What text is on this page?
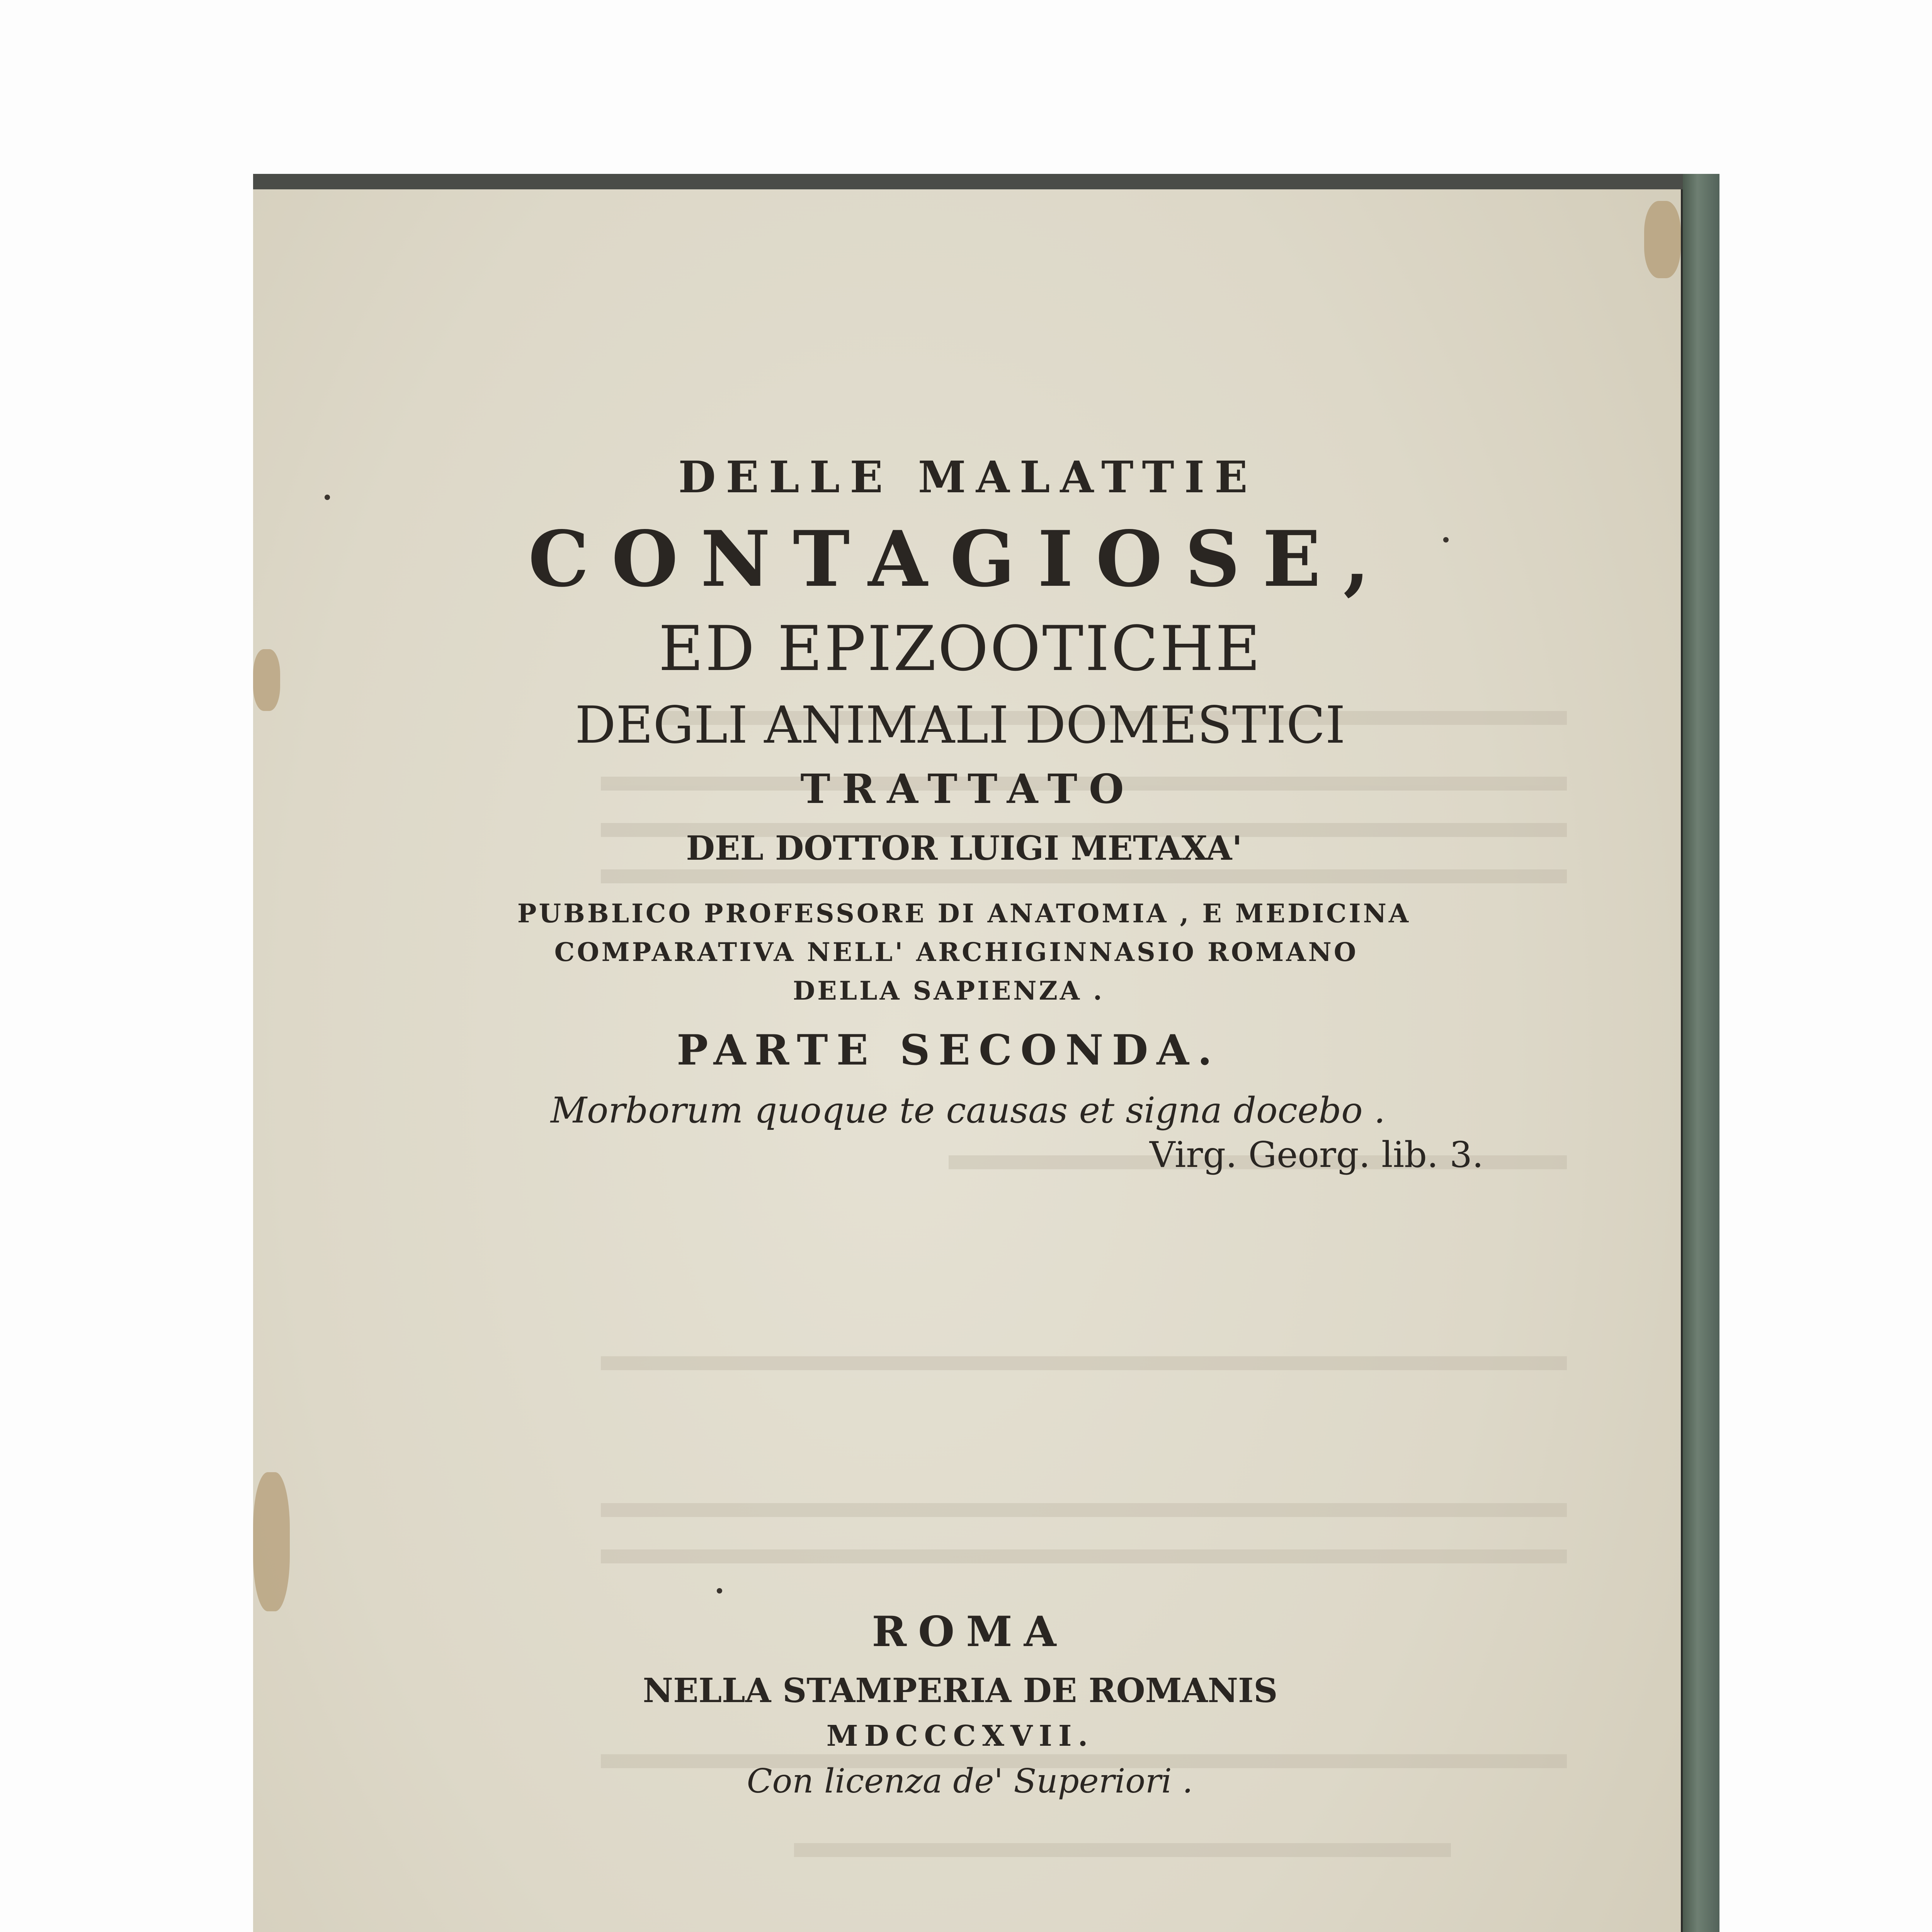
DELLE MALATTIE
CONTAGIOSE,
ED EPIZOOTICHE
DEGLI ANIMALI DOMESTICI
TRATTATO
DEL DOTTOR LUIGI METAXA'
PUBBLICO PROFESSORE DI ANATOMIA , E MEDICINA
COMPARATIVA NELL' ARCHIGINNASIO ROMANO
DELLA SAPIENZA .
PARTE SECONDA.
Morborum quoque te causas et signa docebo .
Virg. Georg. lib. 3.
ROMA
NELLA STAMPERIA DE ROMANIS
MDCCCXVII.
Con licenza de' Superiori .
